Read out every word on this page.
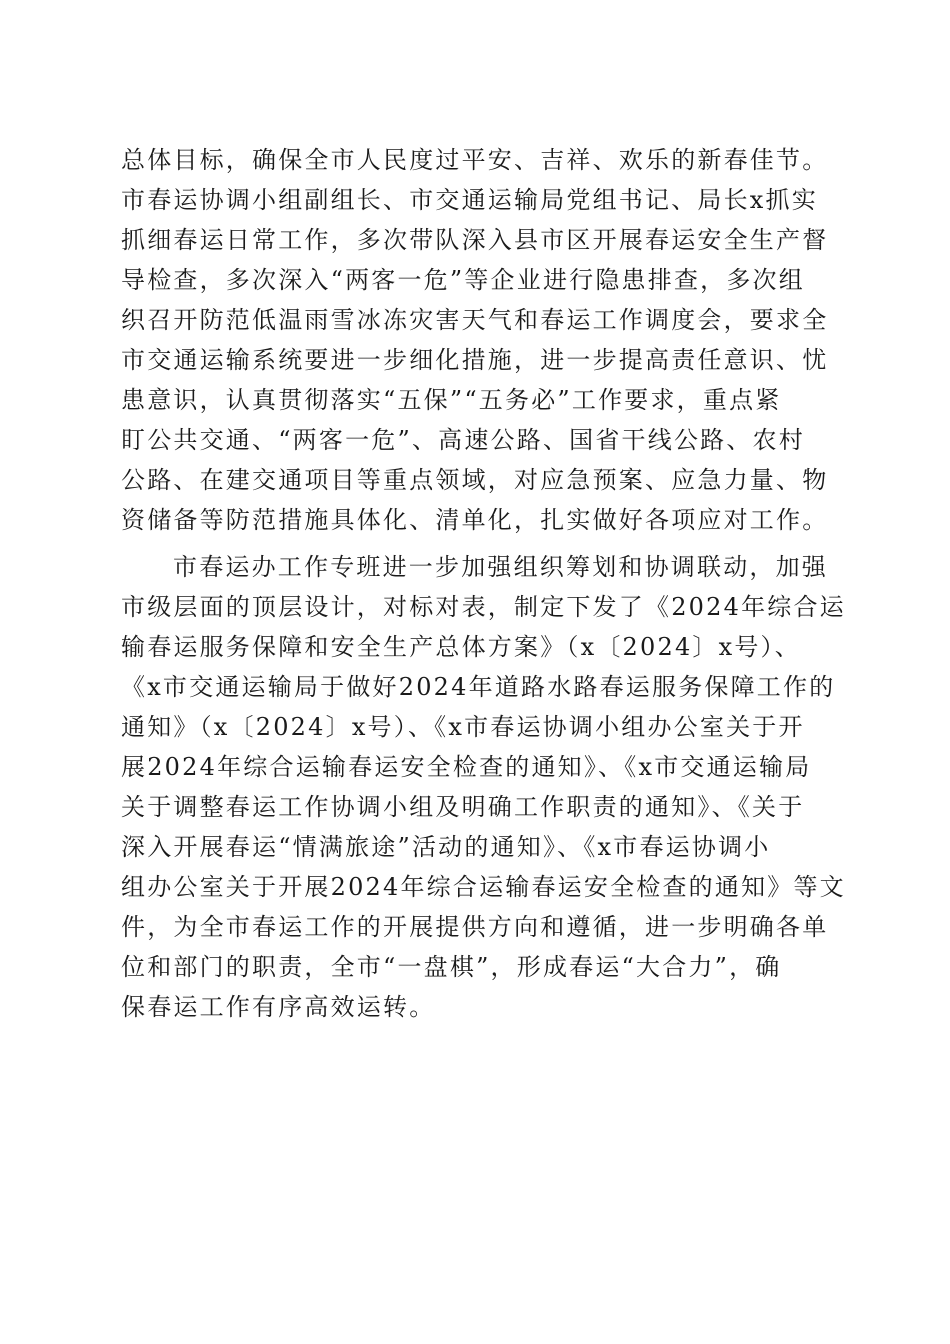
总体目标，确保全市人民度过平安、吉祥、欢乐的新春佳节。
市春运协调小组副组长、市交通运输局党组书记、局长x抓实
抓细春运日常工作，多次带队深入县市区开展春运安全生产督
导检查，多次深入“两客一危”等企业进行隐患排查，多次组
织召开防范低温雨雪冰冻灾害天气和春运工作调度会，要求全
市交通运输系统要进一步细化措施，进一步提高责任意识、忧
患意识，认真贯彻落实“五保”“五务必”工作要求，重点紧
盯公共交通、“两客一危”、高速公路、国省干线公路、农村
公路、在建交通项目等重点领域，对应急预案、应急力量、物
资储备等防范措施具体化、清单化，扎实做好各项应对工作。
市春运办工作专班进一步加强组织筹划和协调联动，加强
市级层面的顶层设计，对标对表，制定下发了《2024年综合运
输春运服务保障和安全生产总体方案》（x〔2024〕x号）、
《x市交通运输局于做好2024年道路水路春运服务保障工作的
通知》（x〔2024〕x号）、《x市春运协调小组办公室关于开
展2024年综合运输春运安全检查的通知》、《x市交通运输局
关于调整春运工作协调小组及明确工作职责的通知》、《关于
深入开展春运“情满旅途”活动的通知》、《x市春运协调小
组办公室关于开展2024年综合运输春运安全检查的通知》等文
件，为全市春运工作的开展提供方向和遵循，进一步明确各单
位和部门的职责，全市“一盘棋”，形成春运“大合力”，确
保春运工作有序高效运转。
